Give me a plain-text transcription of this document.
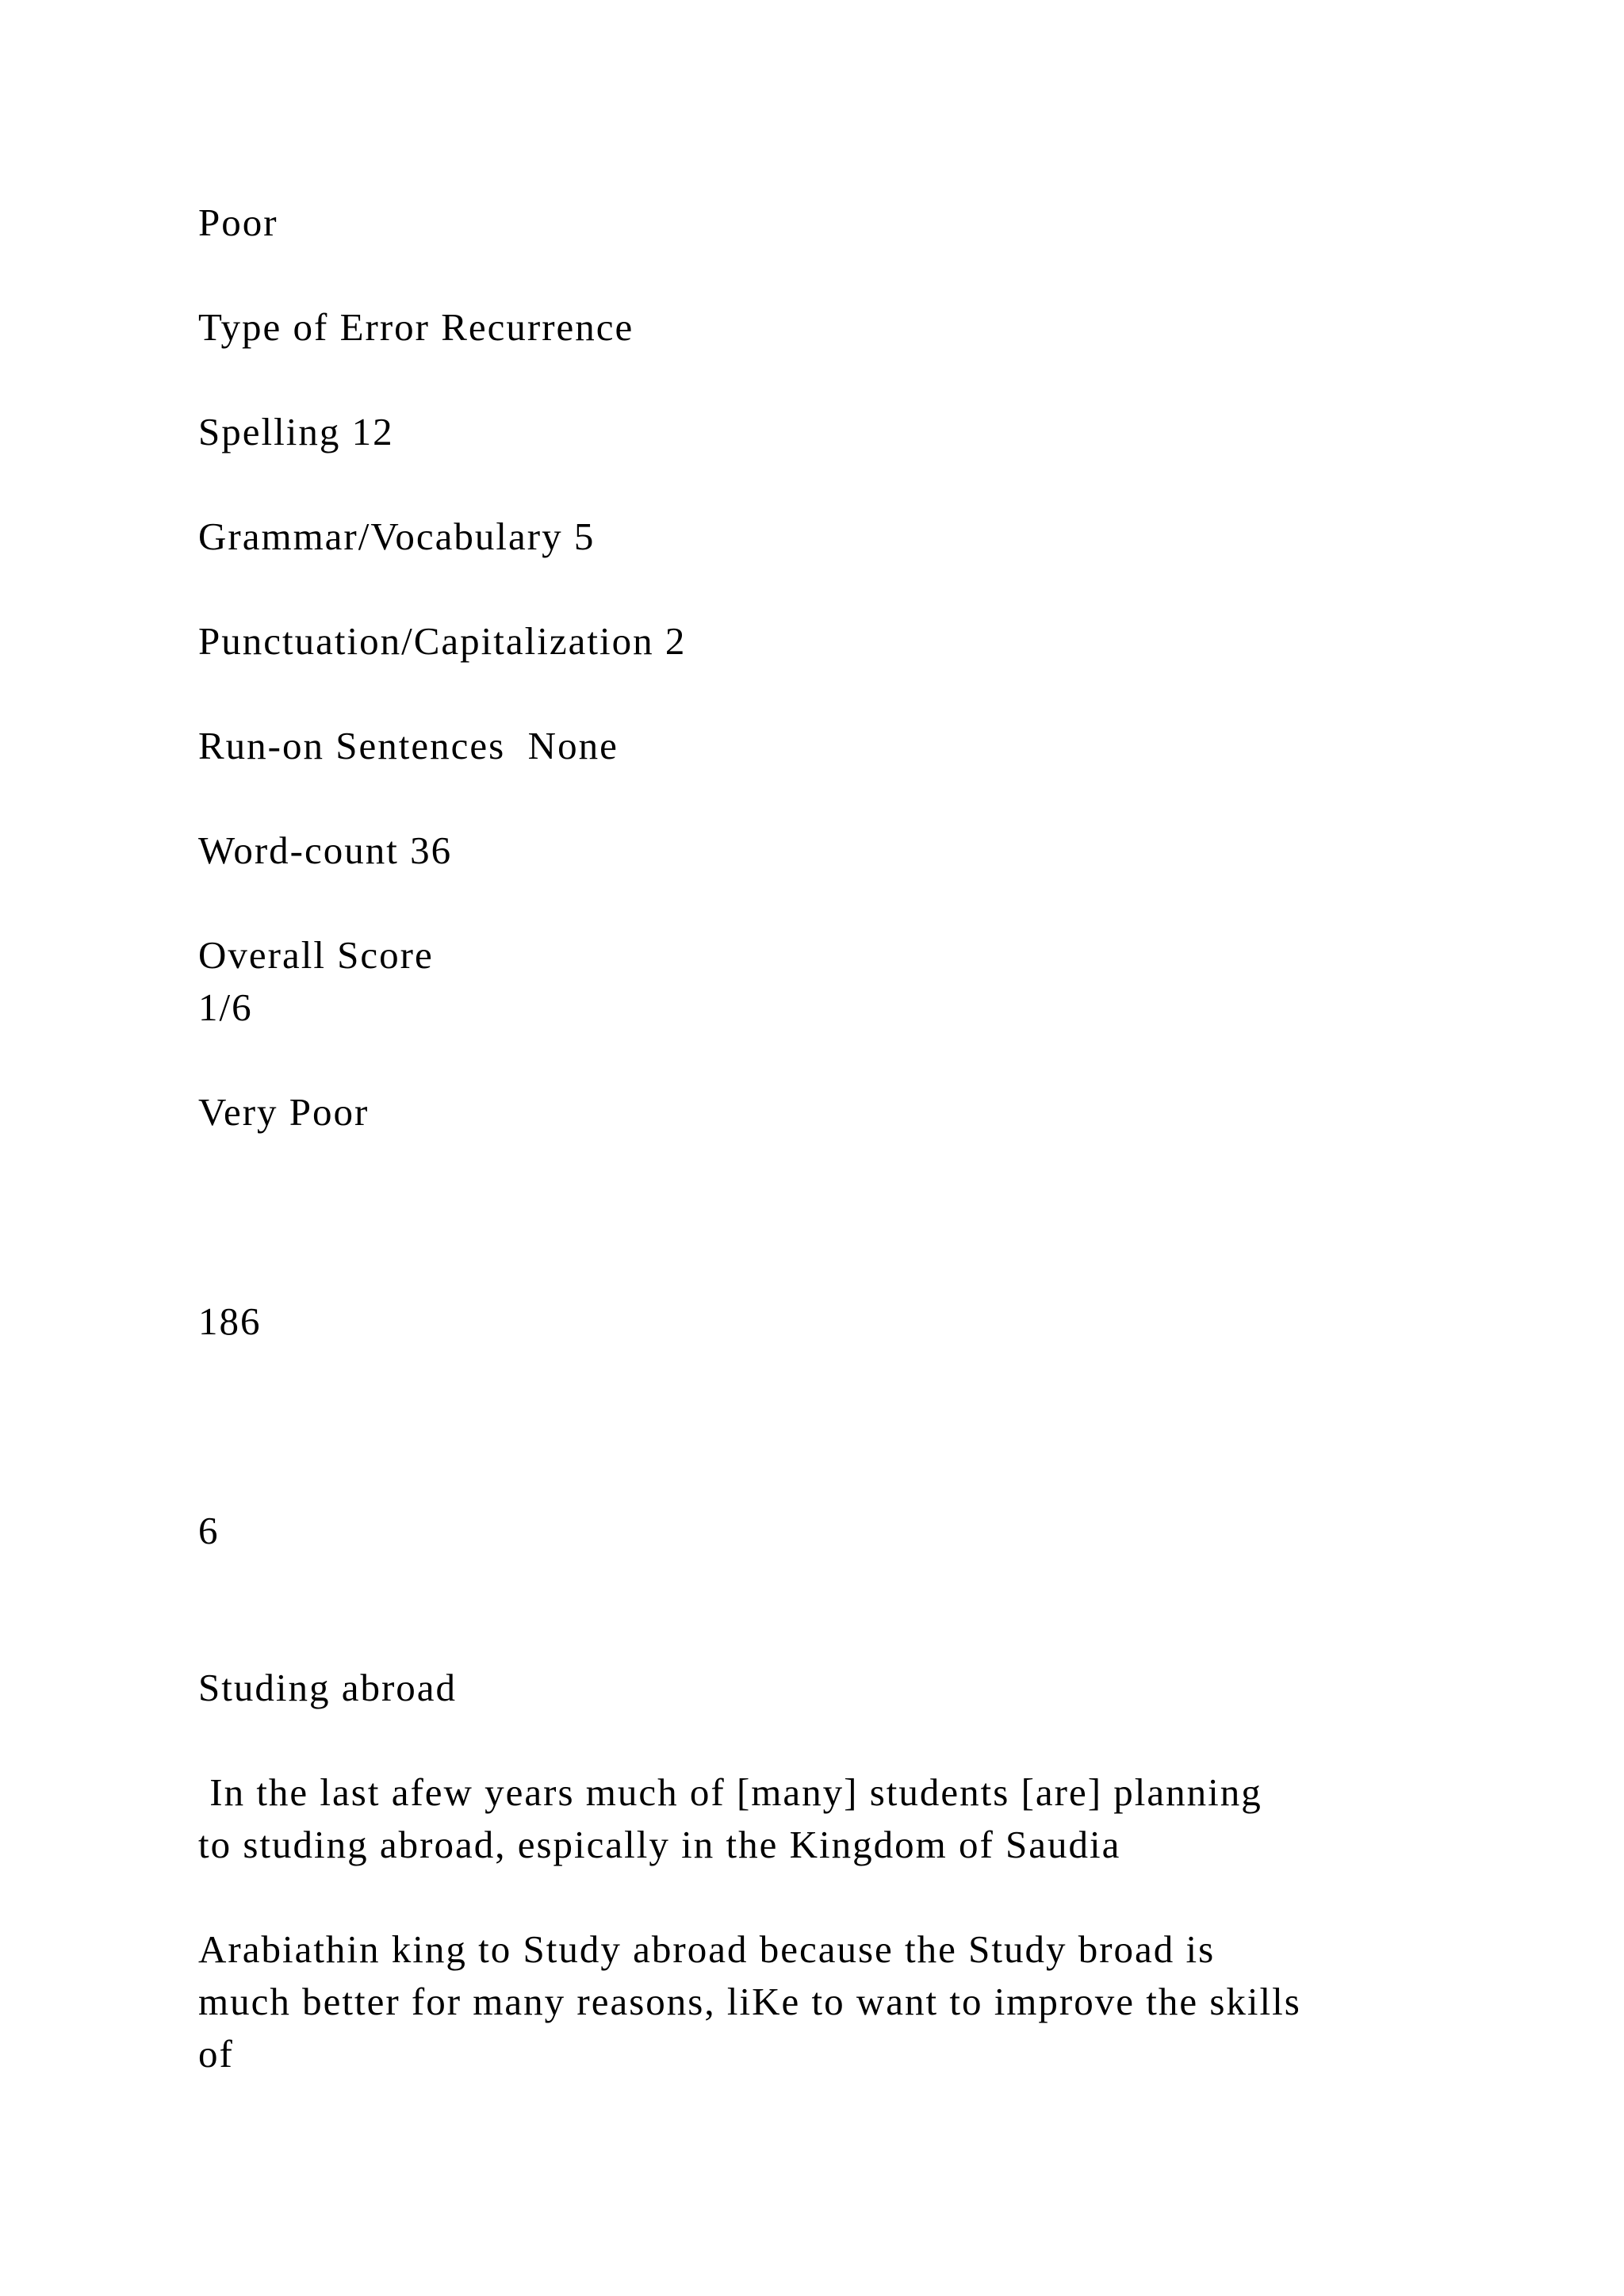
Poor
Type of Error Recurrence
Spelling 12
Grammar/Vocabulary 5
Punctuation/Capitalization 2
Run-on Sentences  None
Word-count 36
Overall Score
1/6
Very Poor
186
6
Studing abroad
In the last afew years much of [many] students [are] planning
to studing abroad, espically in the Kingdom of Saudia
Arabiathin king to Study abroad because the Study broad is
much better for many reasons, liKe to want to improve the skills
of
